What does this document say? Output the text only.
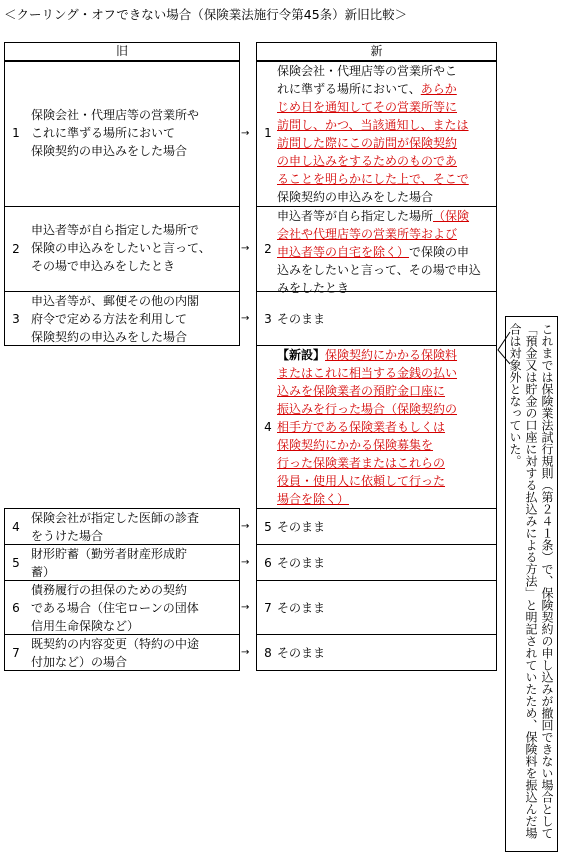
＜クーリング・オフできない場合（保険業法施行令第45条）新旧比較＞
旧	新
1
保険会社・代理店等の営業所や
これに準ずる場所において
保険契約の申込みをした場合
2
申込者等が自ら指定した場所で
保険の申込みをしたいと言って、
その場で申込みをしたとき
3
申込者等が、郵便その他の内閣
府令で定める方法を利用して
保険契約の申込みをした場合
4
保険会社が指定した医師の診査
をうけた場合
5
財形貯蓄（勤労者財産形成貯
蓄）
6
債務履行の担保のための契約
である場合（住宅ローンの団体
信用生命保険など）
7
既契約の内容変更（特約の中途
付加など）の場合
1
保険会社・代理店等の営業所やこ
れに準ずる場所において、あらか
じめ日を通知してその営業所等に
訪問し、かつ、当該通知し、または
訪問した際にこの訪問が保険契約
の申し込みをするためのものであ
ることを明らかにした上で、そこで
保険契約の申込みをした場合
2
申込者等が自ら指定した場所（保険
会社や代理店等の営業所等および
申込者等の自宅を除く）で保険の申
込みをしたいと言って、その場で申込
みをしたとき
3 そのまま
4
【新設】保険契約にかかる保険料
またはこれに相当する金銭の払い
込みを保険業者の預貯金口座に
振込みを行った場合（保険契約の
相手方である保険業者もしくは
保険契約にかかる保険募集を
行った保険業者またはこれらの
役員・使用人に依頼して行った
場合を除く）
5 そのまま
6 そのまま
7 そのまま
8 そのまま
→
→
→
→
→
→
→	これまでは保険業法試行規則（第２４１条）で、保険契約の申し込みが撤回できない場合として「預金又は貯金の口座に対する払込みによる方法」と明記されていたため、保険料を振込んだ場合は対象外となっていた。
